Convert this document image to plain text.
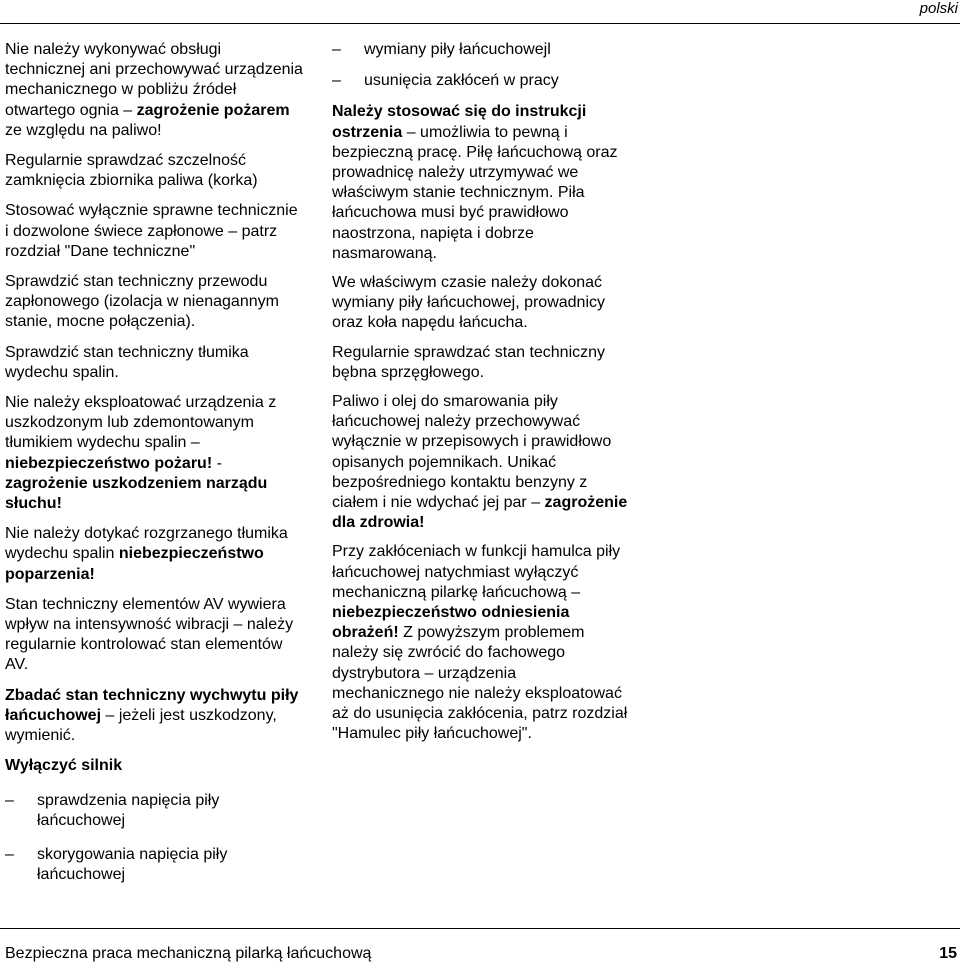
polski

Nie należy wykonywać obsługi technicznej ani przechowywać urządzenia mechanicznego w pobliżu źródeł otwartego ognia – zagrożenie pożarem ze względu na paliwo!

Regularnie sprawdzać szczelność zamknięcia zbiornika paliwa (korka)

Stosować wyłącznie sprawne technicznie i dozwolone świece zapłonowe – patrz rozdział "Dane techniczne"

Sprawdzić stan techniczny przewodu zapłonowego (izolacja w nienagannym stanie, mocne połączenia).

Sprawdzić stan techniczny tłumika wydechu spalin.

Nie należy eksploatować urządzenia z uszkodzonym lub zdemontowanym tłumikiem wydechu spalin – niebezpieczeństwo pożaru! - zagrożenie uszkodzeniem narządu słuchu!

Nie należy dotykać rozgrzanego tłumika wydechu spalin niebezpieczeństwo poparzenia!

Stan techniczny elementów AV wywiera wpływ na intensywność wibracji – należy regularnie kontrolować stan elementów AV.

Zbadać stan techniczny wychwytu piły łańcuchowej – jeżeli jest uszkodzony, wymienić.

Wyłączyć silnik

– sprawdzenia napięcia piły łańcuchowej
– skorygowania napięcia piły łańcuchowej
– wymiany piły łańcuchowejl
– usunięcia zakłóceń w pracy

Należy stosować się do instrukcji ostrzenia – umożliwia to pewną i bezpieczną pracę. Piłę łańcuchową oraz prowadnicę należy utrzymywać we właściwym stanie technicznym. Piła łańcuchowa musi być prawidłowo naostrzona, napięta i dobrze nasmarowaną.

We właściwym czasie należy dokonać wymiany piły łańcuchowej, prowadnicy oraz koła napędu łańcucha.

Regularnie sprawdzać stan techniczny bębna sprzęgłowego.

Paliwo i olej do smarowania piły łańcuchowej należy przechowywać wyłącznie w przepisowych i prawidłowo opisanych pojemnikach. Unikać bezpośredniego kontaktu benzyny z ciałem i nie wdychać jej par – zagrożenie dla zdrowia!

Przy zakłóceniach w funkcji hamulca piły łańcuchowej natychmiast wyłączyć mechaniczną pilarkę łańcuchową – niebezpieczeństwo odniesienia obrażeń! Z powyższym problemem należy się zwrócić do fachowego dystrybutora – urządzenia mechanicznego nie należy eksploatować aż do usunięcia zakłócenia, patrz rozdział "Hamulec piły łańcuchowej".

Bezpieczna praca mechaniczną pilarką łańcuchową	15
